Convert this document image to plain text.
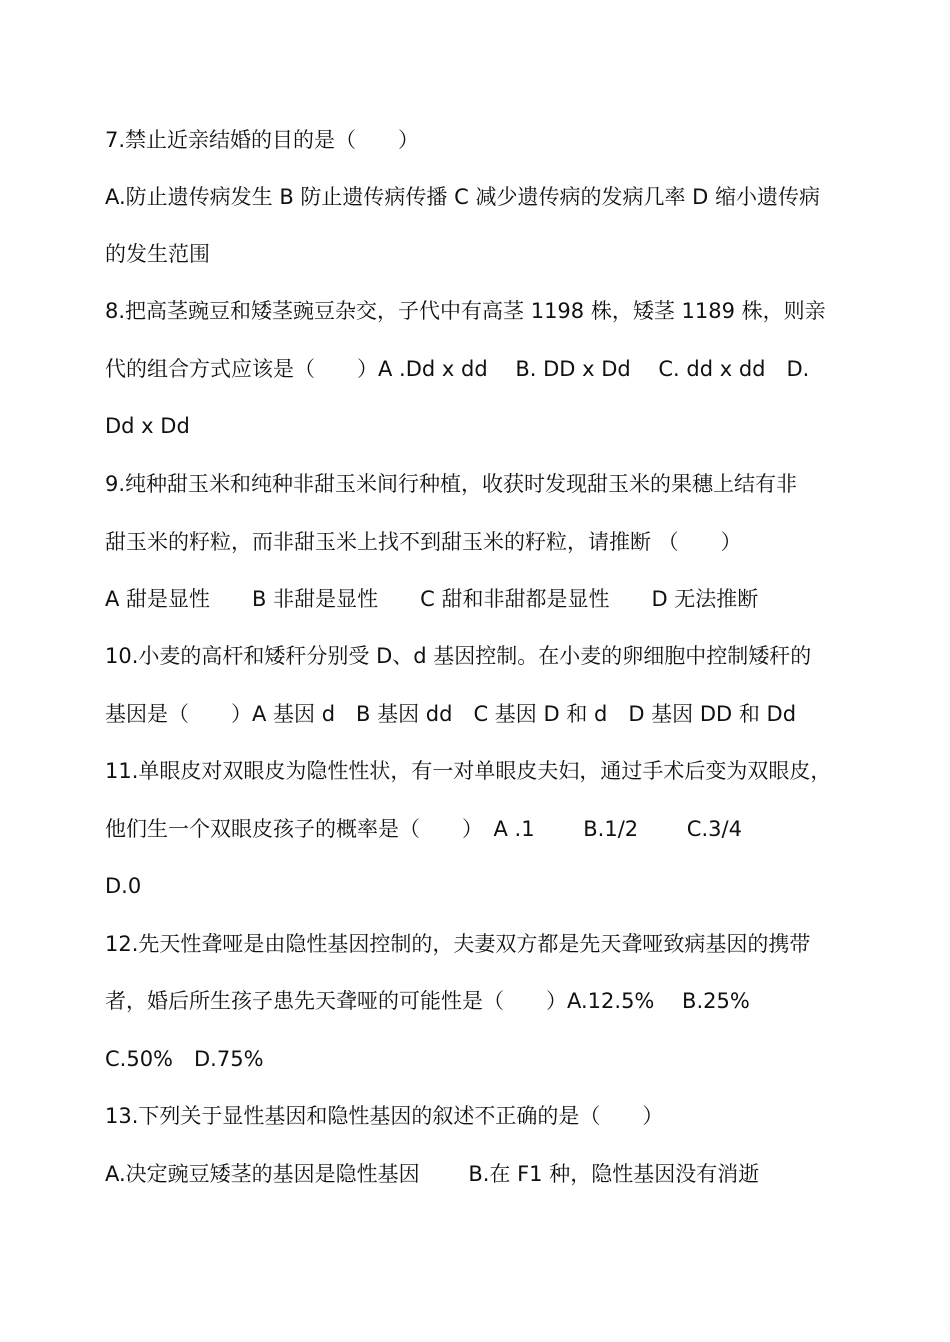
7.禁止近亲结婚的目的是（　　）
A.防止遗传病发生 B 防止遗传病传播 C 减少遗传病的发病几率 D 缩小遗传病
的发生范围
8.把高茎豌豆和矮茎豌豆杂交，子代中有高茎 1198 株，矮茎 1189 株，则亲
代的组合方式应该是（　　）A .Dd x dd　 B. DD x Dd　 C. dd x dd　D.
Dd x Dd
9.纯种甜玉米和纯种非甜玉米间行种植，收获时发现甜玉米的果穗上结有非
甜玉米的籽粒，而非甜玉米上找不到甜玉米的籽粒，请推断 （　　）
A 甜是显性　　B 非甜是显性　　C 甜和非甜都是显性　　D 无法推断
10.小麦的高杆和矮秆分别受 D、d 基因控制。在小麦的卵细胞中控制矮秆的
基因是（　　）A 基因 d　B 基因 dd　C 基因 D 和 d　D 基因 DD 和 Dd
11.单眼皮对双眼皮为隐性性状，有一对单眼皮夫妇，通过手术后变为双眼皮，
他们生一个双眼皮孩子的概率是（　　）　A .1　　 B.1/2　　 C.3/4
D.0
12.先天性聋哑是由隐性基因控制的，夫妻双方都是先天聋哑致病基因的携带
者，婚后所生孩子患先天聋哑的可能性是（　　）A.12.5%　 B.25%
C.50%　D.75%
13.下列关于显性基因和隐性基因的叙述不正确的是（　　）
A.决定豌豆矮茎的基因是隐性基因　　 B.在 F1 种，隐性基因没有消逝
